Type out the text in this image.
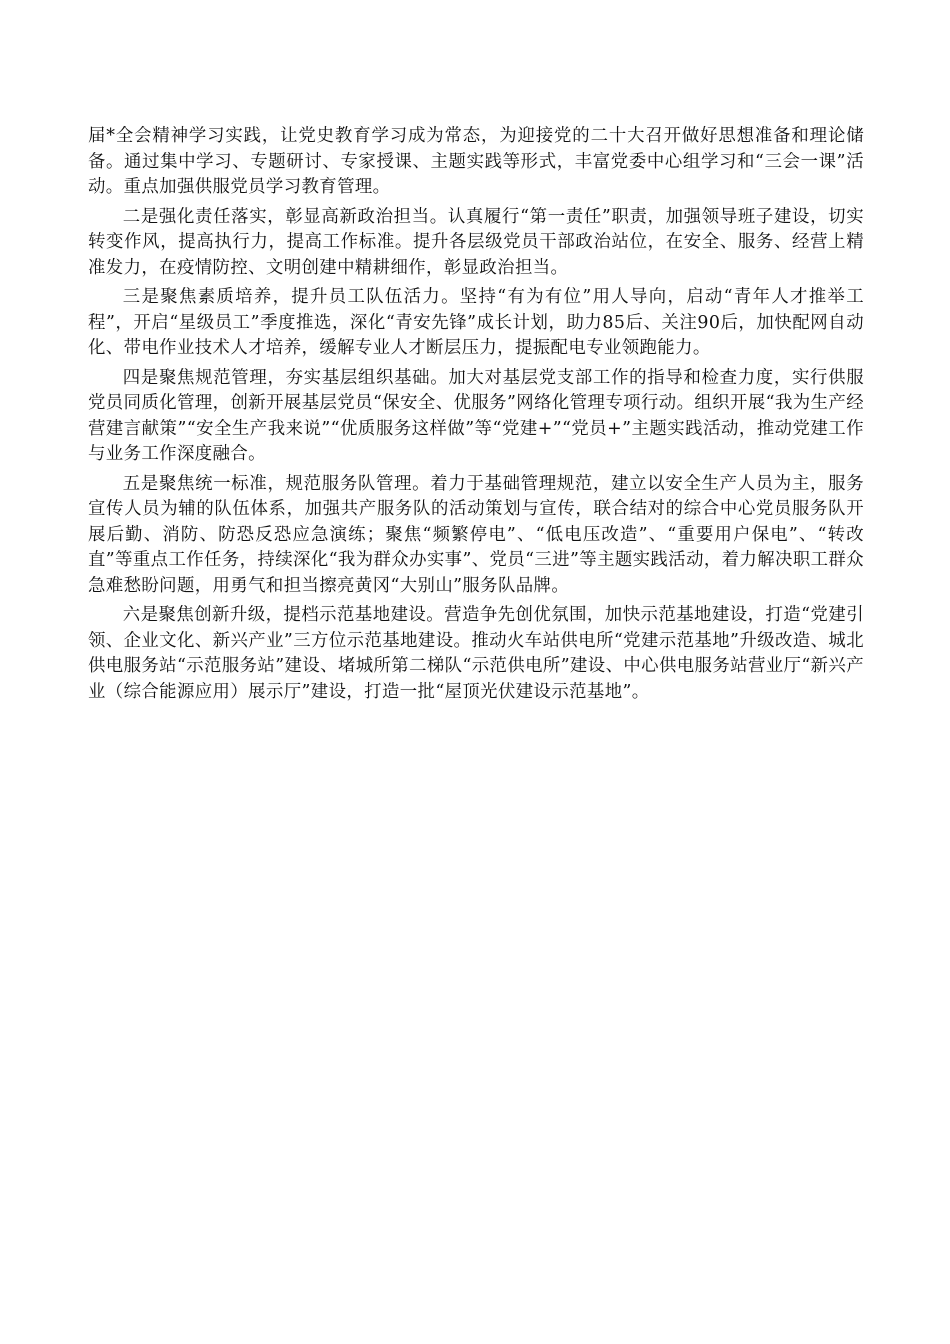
届*全会精神学习实践，让党史教育学习成为常态，为迎接党的二十大召开做好思想准备和理论储备。通过集中学习、专题研讨、专家授课、主题实践等形式，丰富党委中心组学习和“三会一课”活动。重点加强供服党员学习教育管理。

二是强化责任落实，彰显高新政治担当。认真履行“第一责任”职责，加强领导班子建设，切实转变作风，提高执行力，提高工作标准。提升各层级党员干部政治站位，在安全、服务、经营上精准发力，在疫情防控、文明创建中精耕细作，彰显政治担当。

三是聚焦素质培养，提升员工队伍活力。坚持“有为有位”用人导向，启动“青年人才推举工程”，开启“星级员工”季度推选，深化“青安先锋”成长计划，助力85后、关注90后，加快配网自动化、带电作业技术人才培养，缓解专业人才断层压力，提振配电专业领跑能力。

四是聚焦规范管理，夯实基层组织基础。加大对基层党支部工作的指导和检查力度，实行供服党员同质化管理，创新开展基层党员“保安全、优服务”网络化管理专项行动。组织开展“我为生产经营建言献策”“安全生产我来说”“优质服务这样做”等“党建+”“党员+”主题实践活动，推动党建工作与业务工作深度融合。

五是聚焦统一标准，规范服务队管理。着力于基础管理规范，建立以安全生产人员为主，服务宣传人员为辅的队伍体系，加强共产服务队的活动策划与宣传，联合结对的综合中心党员服务队开展后勤、消防、防恐反恐应急演练；聚焦“频繁停电”、“低电压改造”、“重要用户保电”、“转改直”等重点工作任务，持续深化“我为群众办实事”、党员“三进”等主题实践活动，着力解决职工群众急难愁盼问题，用勇气和担当擦亮黄冈“大别山”服务队品牌。

六是聚焦创新升级，提档示范基地建设。营造争先创优氛围，加快示范基地建设，打造“党建引领、企业文化、新兴产业”三方位示范基地建设。推动火车站供电所“党建示范基地”升级改造、城北供电服务站“示范服务站”建设、堵城所第二梯队“示范供电所”建设、中心供电服务站营业厅“新兴产业（综合能源应用）展示厅”建设，打造一批“屋顶光伏建设示范基地”。
